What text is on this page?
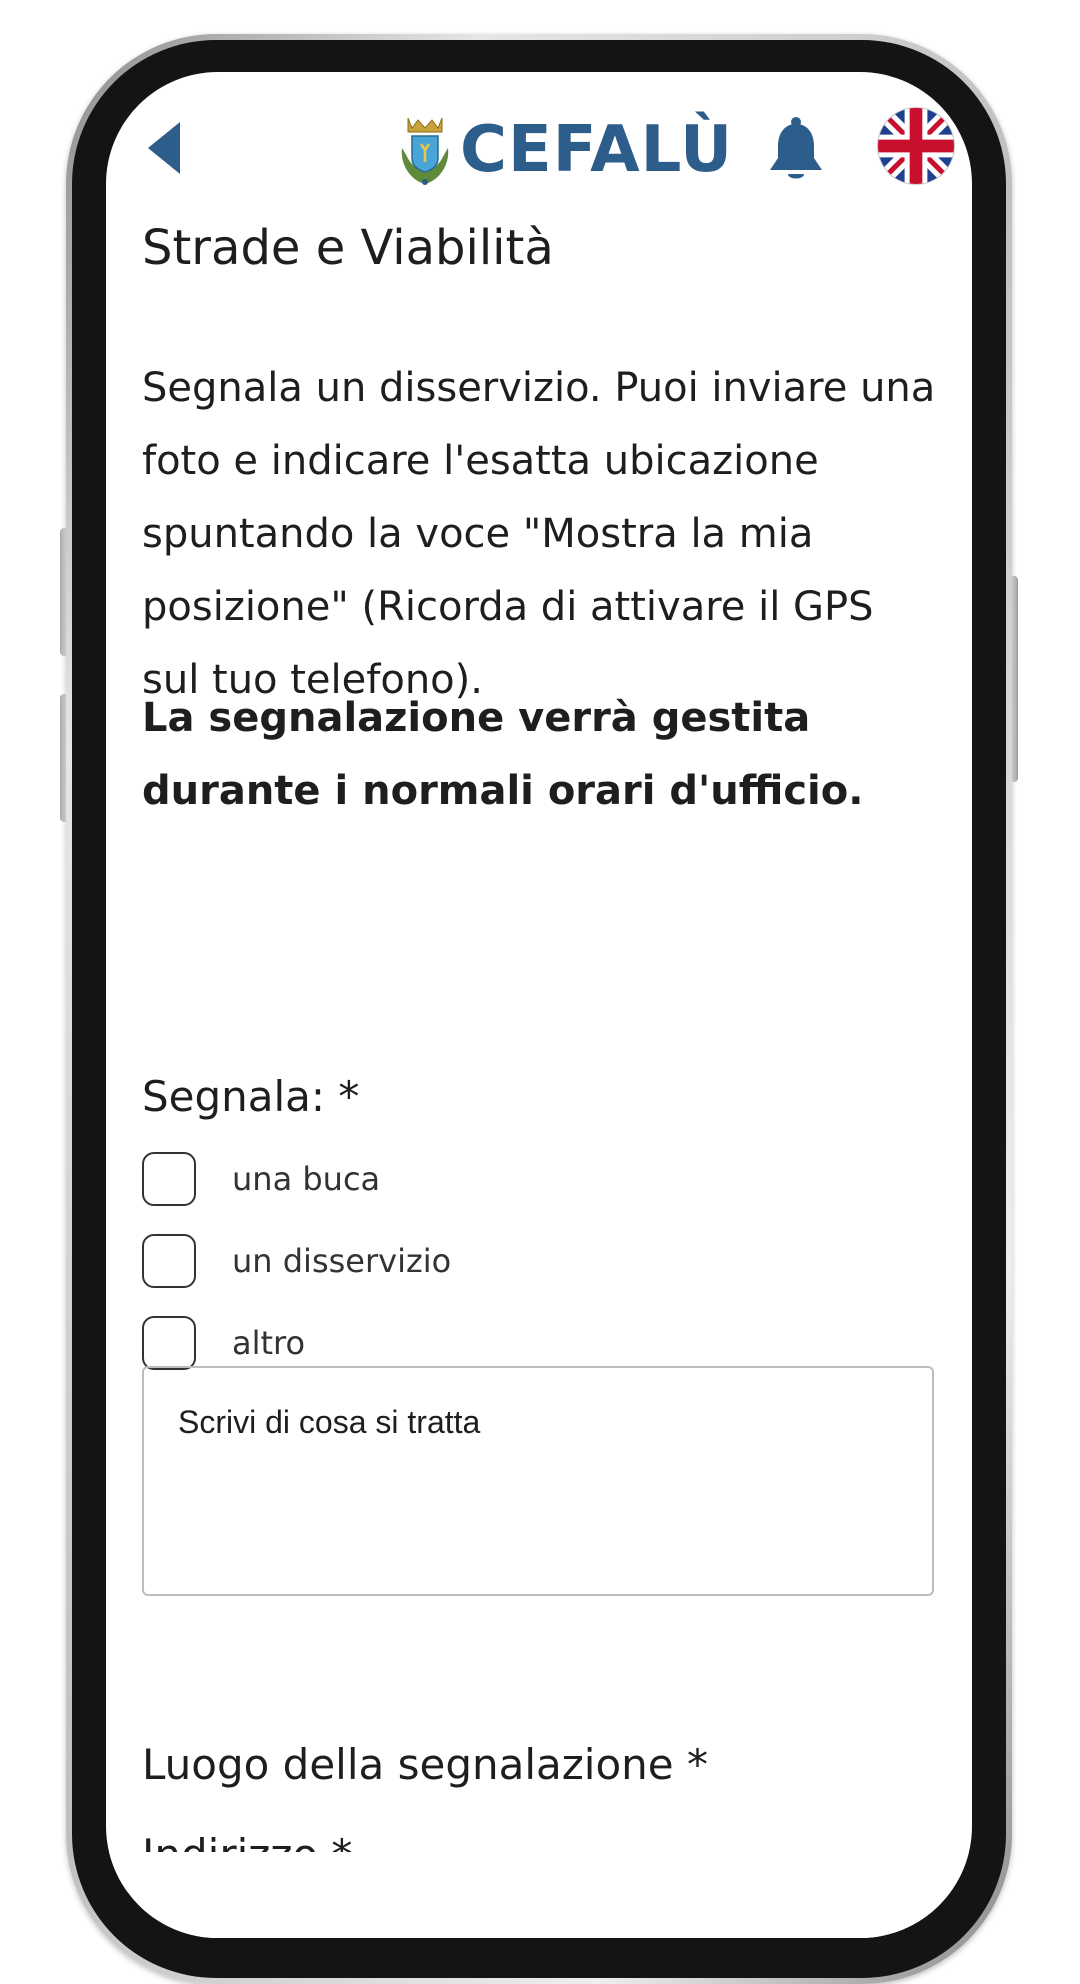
CEFALÙ
Strade e Viabilità

Segnala un disservizio. Puoi inviare una foto e indicare l'esatta ubicazione spuntando la voce "Mostra la mia posizione" (Ricorda di attivare il GPS sul tuo telefono).

La segnalazione verrà gestita durante i normali orari d'ufficio.

Segnala: *
una buca
un disservizio
altro
Scrivi di cosa si tratta
Luogo della segnalazione *
